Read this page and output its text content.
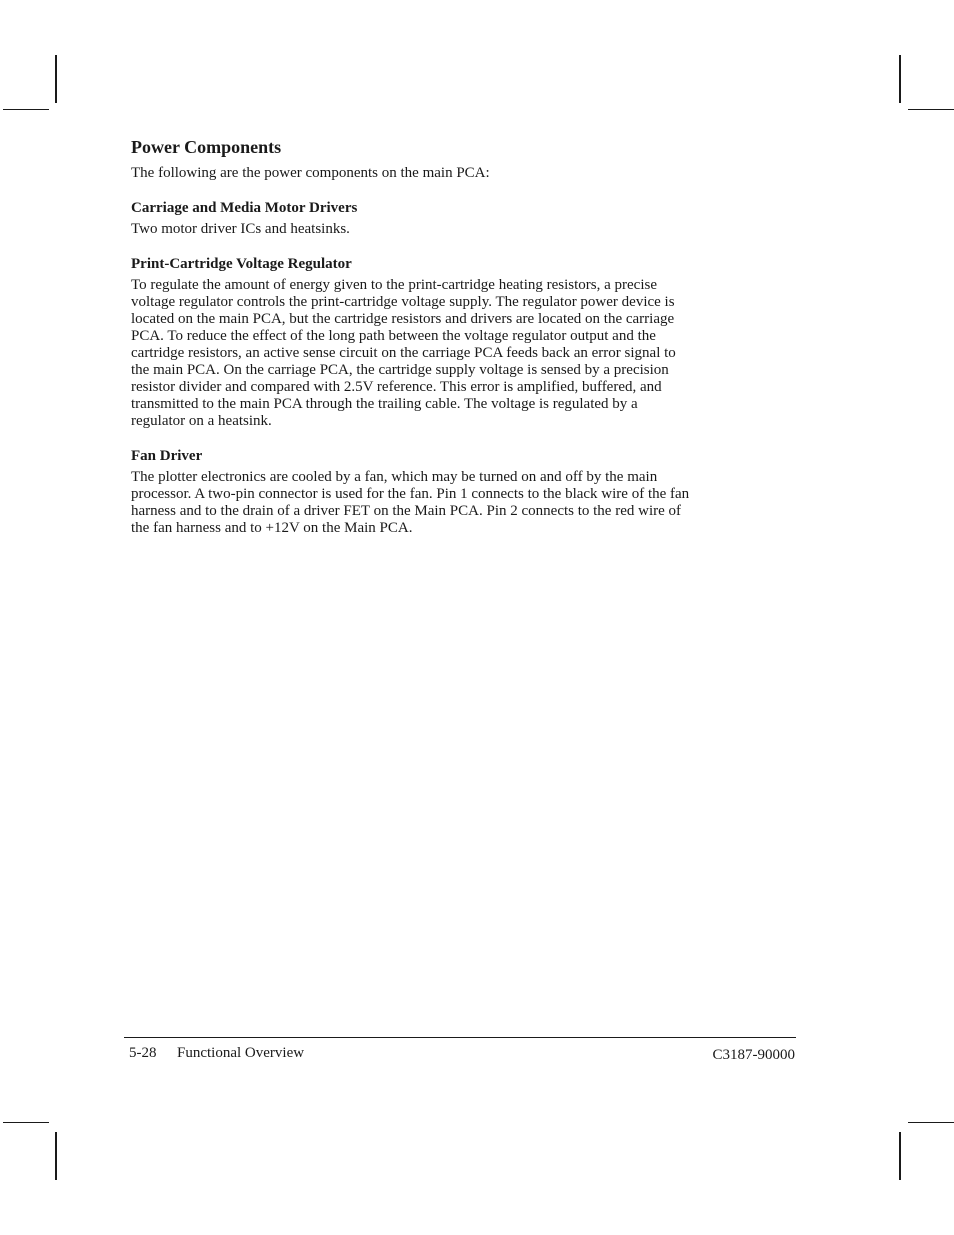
Power Components

The following are the power components on the main PCA:

Carriage and Media Motor Drivers

Two motor driver ICs and heatsinks.

Print-Cartridge Voltage Regulator
To regulate the amount of energy given to the print-cartridge heating resistors, a precise
voltage regulator controls the print-cartridge voltage supply. The regulator power device is
located on the main PCA, but the cartridge resistors and drivers are located on the carriage
PCA. To reduce the effect of the long path between the voltage regulator output and the
cartridge resistors, an active sense circuit on the carriage PCA feeds back an error signal to
the main PCA. On the carriage PCA, the cartridge supply voltage is sensed by a precision
resistor divider and compared with 2.5V reference. This error is amplified, buffered, and
transmitted to the main PCA through the trailing cable. The voltage is regulated by a
regulator on a heatsink.
Fan Driver
The plotter electronics are cooled by a fan, which may be turned on and off by the main
processor. A two-pin connector is used for the fan. Pin 1 connects to the black wire of the fan
harness and to the drain of a driver FET on the Main PCA. Pin 2 connects to the red wire of
the fan harness and to +12V on the Main PCA.
5-28 Functional Overview	C3187-90000
